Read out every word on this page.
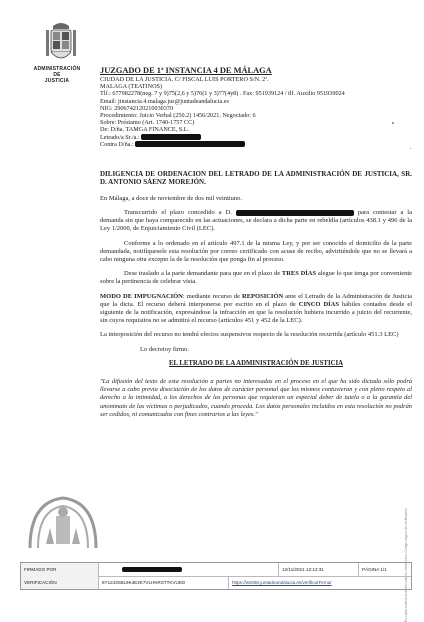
ADMINISTRACIÓN
DE
JUSTICIA
JUZGADO DE 1ª INSTANCIA 4 DE MÁLAGA
CIUDAD DE LA JUSTICIA. C/ FISCAL LUIS PORTERO S/N. 2ª.
MALAGA (TEATINOS)
Tlf.: 677982278(neg. 7 y 9)75(2,6 y 5)76(1 y 3)77(4y8) . Fax: 951939124 / tlf. Auxilio 951939024
Email: jinstancia.4.malaga.jus@juntadeandalucia.es
NIG: 2906742120210030370
Procedimiento: Juicio Verbal (250.2) 1456/2021. Negociado: 6
Sobre: Préstamo (Art. 1740-1757 CC)
De: D/ña. TAMGA FINANCE, S.L.
Letrado/a Sr./a.:
Contra D/ña.:
DILIGENCIA DE ORDENACION DEL LETRADO DE LA ADMINISTRACIÓN DE JUSTICIA, SR. D. ANTONIO SÁENZ MOREJÓN.
En Málaga, a doce de noviembre de dos mil veintiuno.
Transcurrido el plazo concedido a D.	para contestar a la demanda sin que haya comparecido en las actuaciones, se declara a dicha parte en rebeldía (artículos 438.1 y 496 de la Ley 1/2000, de Enjuiciamiento Civil (LEC).
Conforme a lo ordenado en el artículo 497.1 de la misma Ley, y por ser conocido el domicilio de la parte demandada, notifíquesele esta resolución por correo certificado con acuse de recibo, advirtiéndole que no se llevará a cabo ninguna otra excepto la de la resolución que ponga fin al proceso.
Dese traslado a la parte demandante para que en el plazo de TRES DÍAS alegue lo que tenga por conveniente sobre la pertinencia de celebrar vista.
MODO DE IMPUGNACIÓN: mediante recurso de REPOSICIÓN ante el Letrado de la Administración de Justicia que la dicta. El recurso deberá interponerse por escrito en el plazo de CINCO DÍAS hábiles contados desde el siguiente de la notificación, expresándose la infracción en que la resolución hubiera incurrido a juicio del recurrente, sin cuyos requisitos no se admitirá el recurso (artículos 451 y 452 de la LEC).
La interposición del recurso no tendrá efectos suspensivos respecto de la resolución recurrida (artículo 451.3 LEC)
Lo decretoy firmo.
EL LETRADO DE LA ADMINISTRACIÓN DE JUSTICIA
"La difusión del texto de esta resolución a partes no interesadas en el proceso en el que ha sido dictada sólo podrá llevarse a cabo previa disociación de los datos de carácter personal que los mismos contuvieran y con pleno respeto al derecho a la intimidad, a los derechos de las personas que requieran un especial deber de tutela o a la garantía del anonimato de las víctimas o perjudicados, cuando proceda. Los datos personales incluidos en esta resolución no podrán ser cedidos, ni comunicados con fines contrarios a las leyes."
Es copia auténtica de documento electrónico. Código seguro de verificación
FIRMADO POR	12/11/2021 12:12:31	PÁGINA 1/1
VERIFICACIÓN	8Y1243S8L9K4E2K7VLHKRSTTKVUED	https://ws050.juntadeandalucia.es/verificarFirma/
